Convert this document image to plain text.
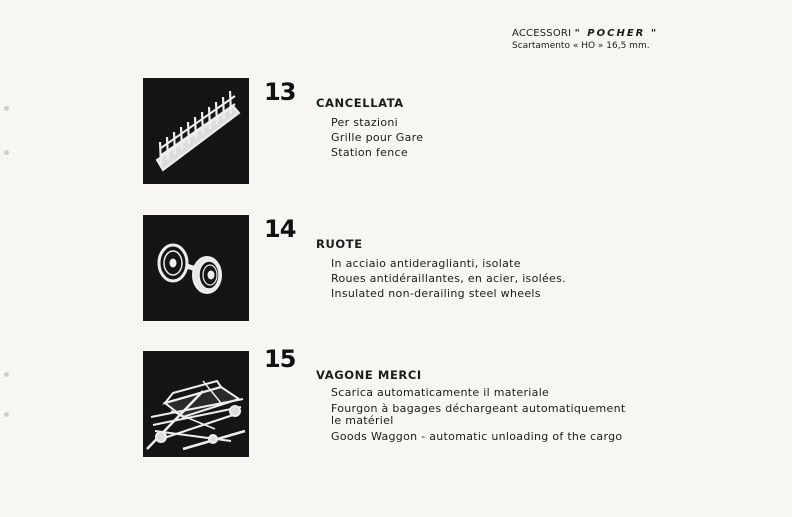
ACCESSORI " POCHER "
Scartamento « HO » 16,5 mm.
13 CANCELLATA
Per stazioni
Grille pour Gare
Station fence
14
RUOTE
In acciaio antideraglianti, isolate
Roues antidéraillantes, en acier, isolées.
Insulated non-derailing steel wheels
15
VAGONE MERCI
Scarica automaticamente il materiale
Fourgon à bagages déchargeant automatiquement
le matériel
Goods Waggon - automatic unloading of the cargo
